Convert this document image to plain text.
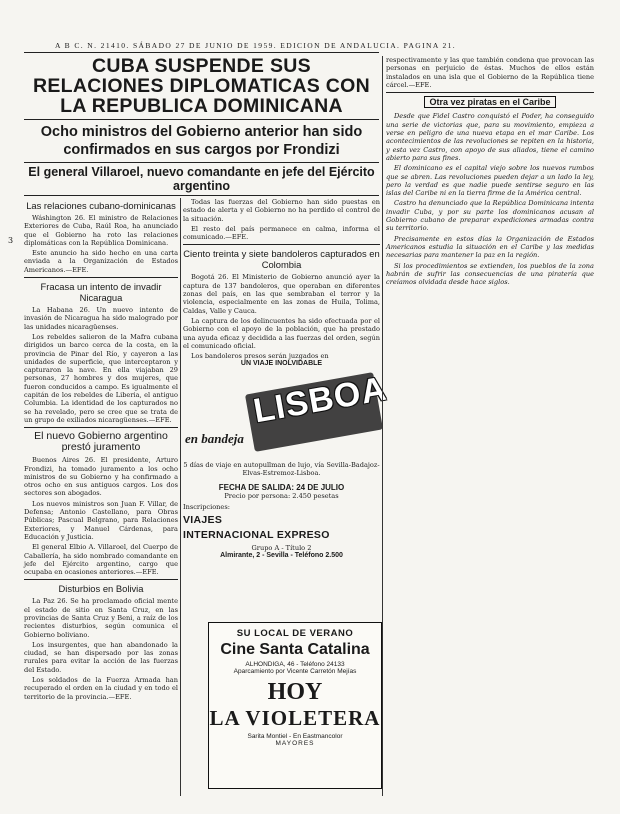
A B C. N. 21410. SÁBADO 27 DE JUNIO DE 1959. EDICION DE ANDALUCIA. PAGINA 21.
CUBA SUSPENDE SUS RELACIONES DIPLOMATICAS CON LA REPUBLICA DOMINICANA
Ocho ministros del Gobierno anterior han sido confirmados en sus cargos por Frondizi
El general Villaroel, nuevo comandante en jefe del Ejército argentino
3
Las relaciones cubano-dominicanas

Wáshington 26. El ministro de Relaciones Exteriores de Cuba, Raúl Roa, ha anunciado que el Gobierno ha roto las relaciones diplomáticas con la República Dominicana.

Este anuncio ha sido hecho en una carta enviada a la Organización de Estados Americanos.—EFE.

Fracasa un intento de invadir Nicaragua

La Habana 26. Un nuevo intento de invasión de Nicaragua ha sido malogrado por las unidades nicaragüenses.

Los rebeldes salieron de la Mafra cubana dirigidos un barco cerca de la costa, en la provincia de Pinar del Río, y cayeron a las unidades de superficie, que interceptaron y capturaron la nave. En ella viajaban 29 personas, 27 hombres y dos mujeres, que fueron conducidos a campo. Es igualmente el capitán de los rebeldes de Liberia, el antiguo Columbia. La identidad de los capturados no se ha revelado, pero se cree que se trata de un grupo de exiliados nicaragüenses.—EFE.

El nuevo Gobierno argentino prestó juramento

Buenos Aires 26. El presidente, Arturo Frondizi, ha tomado juramento a los ocho ministros de su Gobierno y ha confirmado a otros ocho en sus antiguos cargos. Los dos sectores son abogados.

Los nuevos ministros son Juan F. Villar, de Defensa; Antonio Castellano, para Obras Públicas; Pascual Belgrano, para Relaciones Exteriores, y Manuel Cárdenas, para Educación y Justicia.

El general Elbio A. Villaroel, del Cuerpo de Caballería, ha sido nombrado comandante en jefe del Ejército argentino, cargo que ocupaba en ocasiones anteriores.—EFE.

Disturbios en Bolivia

La Paz 26. Se ha proclamado oficial mente el estado de sitio en Santa Cruz, en las provincias de Santa Cruz y Beni, a raíz de los recientes disturbios, según comunica el Gobierno boliviano.

Los insurgentes, que han abandonado la ciudad, se han dispersado por las zonas rurales para evitar la acción de las fuerzas del Estado.

Los soldados de la Fuerza Armada han recuperado el orden en la ciudad y en todo el territorio de la provincia.—EFE.

Todas las fuerzas del Gobierno han sido puestas en estado de alerta y el Gobierno no ha perdido el control de la situación.

El resto del país permanece en calma, informa el comunicado.—EFE.

Ciento treinta y siete bandoleros capturados en Colombia

Bogotá 26. El Ministerio de Gobierno anunció ayer la captura de 137 bandoleros, que operaban en diferentes zonas del país, en las que sembraban el terror y la violencia, especialmente en las zonas de Huila, Tolima, Caldas, Valle y Cauca.

La captura de los delincuentes ha sido efectuada por el Gobierno con el apoyo de la población, que ha prestado una ayuda eficaz y decidida a las fuerzas del orden, según el comunicado oficial.

Los bandoleros presos serán juzgados en

UN VIAJE INOLVIDABLE
LISBOA
en bandeja
5 días de viaje en autopullman de lujo, vía Sevilla-Badajoz-Elvas-Estremoz-Lisboa.
FECHA DE SALIDA: 24 DE JULIO
Precio por persona: 2.450 pesetas
Inscripciones:
VIAJES
INTERNACIONAL EXPRESO
Grupo A - Título 2
Almirante, 2 - Sevilla - Teléfono 2.500
SU LOCAL DE VERANO
Cine Santa Catalina
ALHONDIGA, 46 - Teléfono 24133
Aparcamiento por Vicente Carretón Mejías
HOY
LA VIOLETERA
Sarita Montiel - En Eastmancolor
MAYORES

respectivamente y las que también condena que provocan las personas en perjuicio de éstas. Muchos de ellos están instalados en una isla que el Gobierno de la República tiene cárcel.—EFE.

Otra vez piratas en el Caribe

Desde que Fidel Castro conquistó el Poder, ha conseguido una serie de victorias que, para su movimiento, empieza a verse en peligro de una nueva etapa en el mar Caribe. Los acontecimientos de las revoluciones se repiten en la historia, y esta vez Castro, con apoyo de sus aliados, tiene el camino abierto para sus fines.

El dominicano es el capital viejo sobre los nuevos rumbos que se abren. Las revoluciones pueden dejar a un lado la ley, pero la verdad es que nadie puede sentirse seguro en las islas del Caribe ni en la tierra firme de la América central.

Castro ha denunciado que la República Dominicana intenta invadir Cuba, y por su parte los dominicanos acusan al Gobierno cubano de preparar expediciones armadas contra su territorio.

Precisamente en estos días la Organización de Estados Americanos estudia la situación en el Caribe y las medidas necesarias para mantener la paz en la región.

Si los procedimientos se extienden, los pueblos de la zona habrán de sufrir las consecuencias de una piratería que creíamos olvidada desde hace siglos.
